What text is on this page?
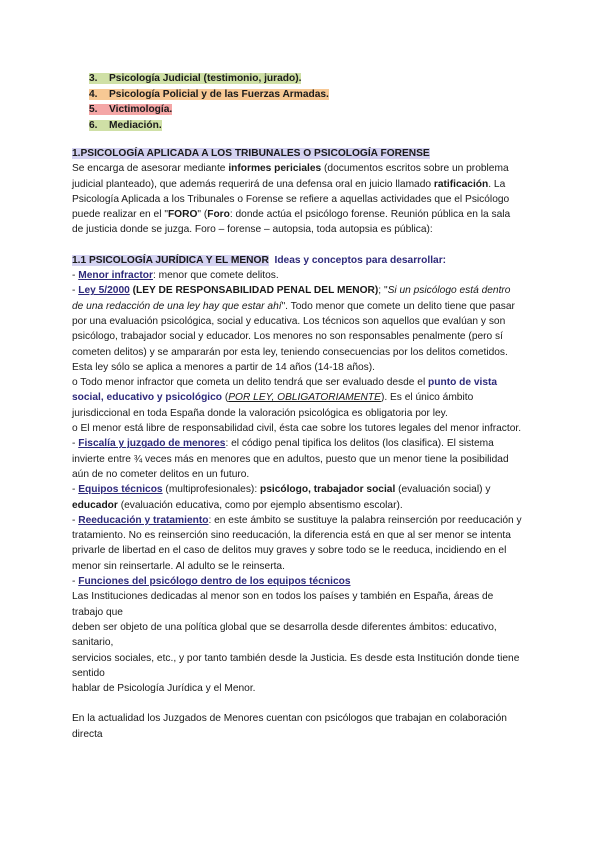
3. Psicología Judicial (testimonio, jurado).
4. Psicología Policial y de las Fuerzas Armadas.
5. Victimología.
6. Mediación.

1.PSICOLOGÍA APLICADA A LOS TRIBUNALES O PSICOLOGÍA FORENSE

Se encarga de asesorar mediante informes periciales (documentos escritos sobre un problema judicial planteado), que además requerirá de una defensa oral en juicio llamado ratificación. La Psicología Aplicada a los Tribunales o Forense se refiere a aquellas actividades que el Psicólogo puede realizar en el "FORO" (Foro: donde actúa el psicólogo forense. Reunión pública en la sala de justicia donde se juzga. Foro – forense – autopsia, toda autopsia es pública):

1.1 PSICOLOGÍA JURÍDICA Y EL MENOR Ideas y conceptos para desarrollar:

- Menor infractor: menor que comete delitos.

- Ley 5/2000 (LEY DE RESPONSABILIDAD PENAL DEL MENOR); "Si un psicólogo está dentro de una redacción de una ley hay que estar ahí". Todo menor que comete un delito tiene que pasar por una evaluación psicológica, social y educativa. Los técnicos son aquellos que evalúan y son psicólogo, trabajador social y educador. Los menores no son responsables penalmente (pero sí cometen delitos) y se ampararán por esta ley, teniendo consecuencias por los delitos cometidos. Esta ley sólo se aplica a menores a partir de 14 años (14-18 años).

o Todo menor infractor que cometa un delito tendrá que ser evaluado desde el punto de vista social, educativo y psicológico (POR LEY, OBLIGATORIAMENTE). Es el único ámbito jurisdiccional en toda España donde la valoración psicológica es obligatoria por ley.

o El menor está libre de responsabilidad civil, ésta cae sobre los tutores legales del menor infractor.

- Fiscalía y juzgado de menores: el código penal tipifica los delitos (los clasifica). El sistema invierte entre ¾ veces más en menores que en adultos, puesto que un menor tiene la posibilidad aún de no cometer delitos en un futuro.

- Equipos técnicos (multiprofesionales): psicólogo, trabajador social (evaluación social) y educador (evaluación educativa, como por ejemplo absentismo escolar).

- Reeducación y tratamiento: en este ámbito se sustituye la palabra reinserción por reeducación y tratamiento. No es reinserción sino reeducación, la diferencia está en que al ser menor se intenta privarle de libertad en el caso de delitos muy graves y sobre todo se le reeduca, incidiendo en el menor sin reinsertarle. Al adulto se le reinserta.

- Funciones del psicólogo dentro de los equipos técnicos

Las Instituciones dedicadas al menor son en todos los países y también en España, áreas de trabajo que

deben ser objeto de una política global que se desarrolla desde diferentes ámbitos: educativo, sanitario,

servicios sociales, etc., y por tanto también desde la Justicia. Es desde esta Institución donde tiene sentido

hablar de Psicología Jurídica y el Menor.

En la actualidad los Juzgados de Menores cuentan con psicólogos que trabajan en colaboración directa
